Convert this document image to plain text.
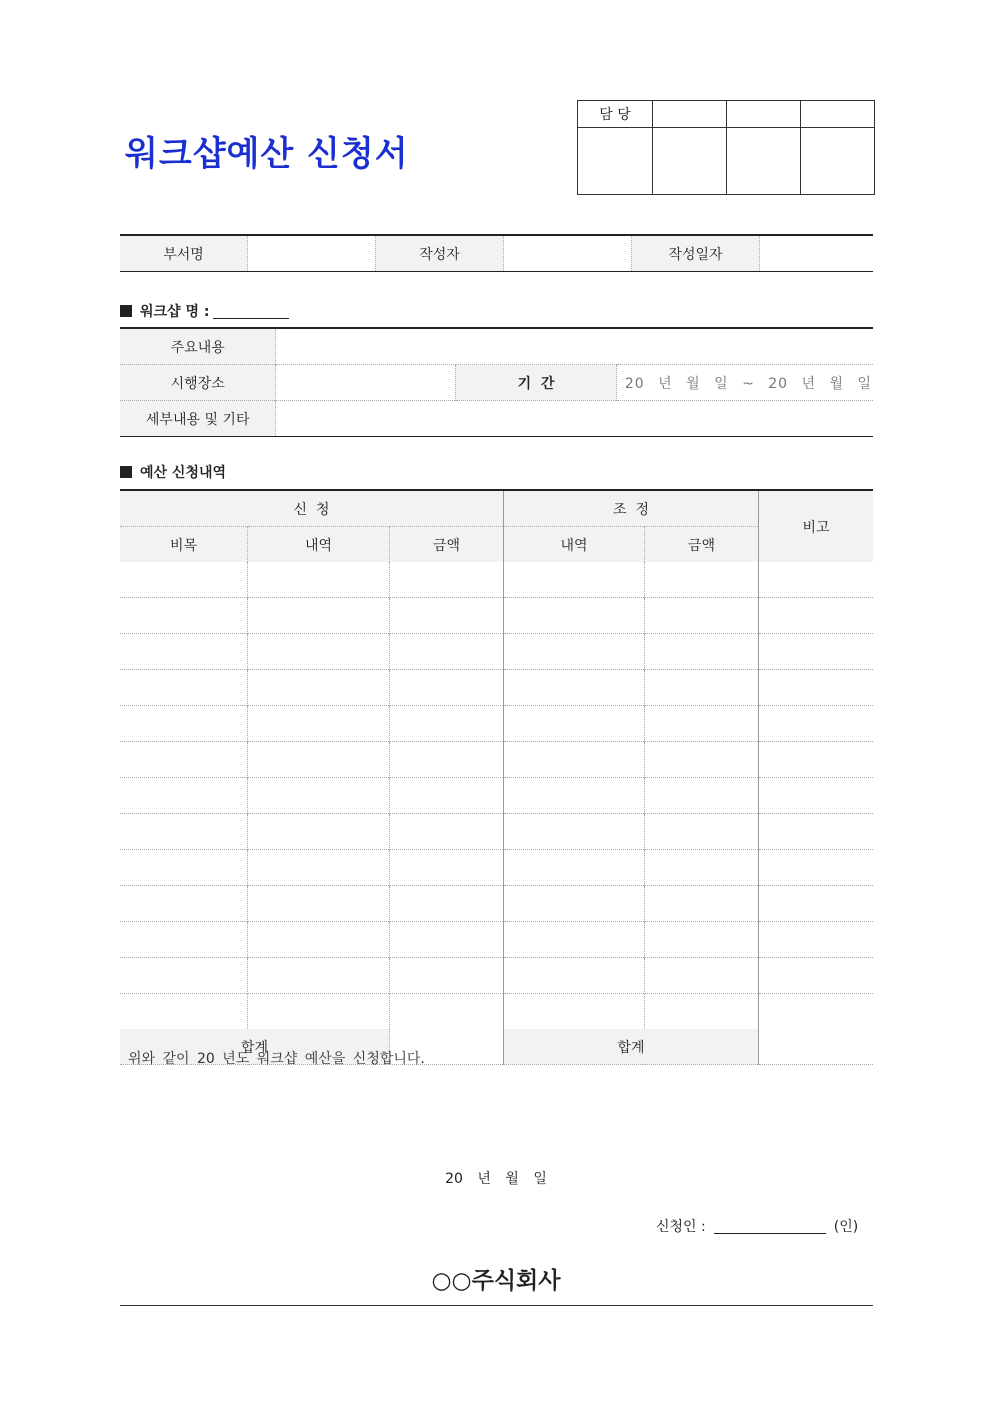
워크샵예산 신청서
담 당			

부서명		작성자		작성일자	
워크샵 명 :
주요내용			
시행장소		기  간	20 년 월 일 ~ 20 년 월 일
세부내용 및 기타			
예산 신청내역
신  청			조  정		비고
비목	내역	금액	내역	금액	

합계			합계		
위와 같이 20 년도 워크샵 예산을 신청합니다.
20 년 월 일
신청인 :	(인)
○○주식회사
